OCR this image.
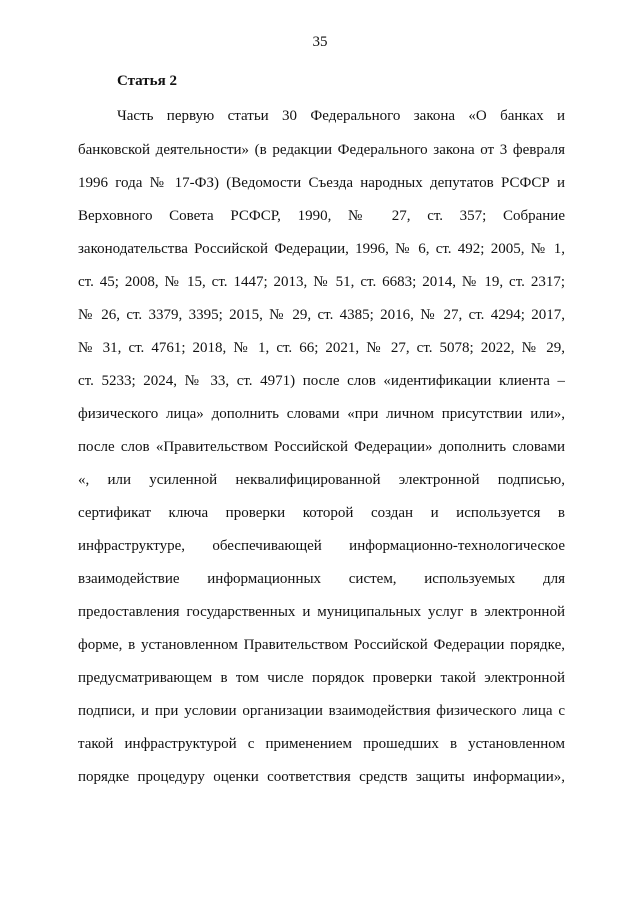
35
Статья 2
Часть первую статьи 30 Федерального закона «О банках и
банковской деятельности» (в редакции Федерального закона от 3 февраля
1996 года № 17-ФЗ) (Ведомости Съезда народных депутатов РСФСР и
Верховного Совета РСФСР, 1990, № 27, ст. 357; Собрание
законодательства Российской Федерации, 1996, № 6, ст. 492; 2005, № 1,
ст. 45; 2008, № 15, ст. 1447; 2013, № 51, ст. 6683; 2014, № 19, ст. 2317;
№ 26, ст. 3379, 3395; 2015, № 29, ст. 4385; 2016, № 27, ст. 4294; 2017,
№ 31, ст. 4761; 2018, № 1, ст. 66; 2021, № 27, ст. 5078; 2022, № 29,
ст. 5233; 2024, № 33, ст. 4971) после слов «идентификации клиента –
физического лица» дополнить словами «при личном присутствии или»,
после слов «Правительством Российской Федерации» дополнить словами
«, или усиленной неквалифицированной электронной подписью,
сертификат ключа проверки которой создан и используется в
инфраструктуре, обеспечивающей информационно-технологическое
взаимодействие информационных систем, используемых для
предоставления государственных и муниципальных услуг в электронной
форме, в установленном Правительством Российской Федерации порядке,
предусматривающем в том числе порядок проверки такой электронной
подписи, и при условии организации взаимодействия физического лица с
такой инфраструктурой с применением прошедших в установленном
порядке процедуру оценки соответствия средств защиты информации»,
